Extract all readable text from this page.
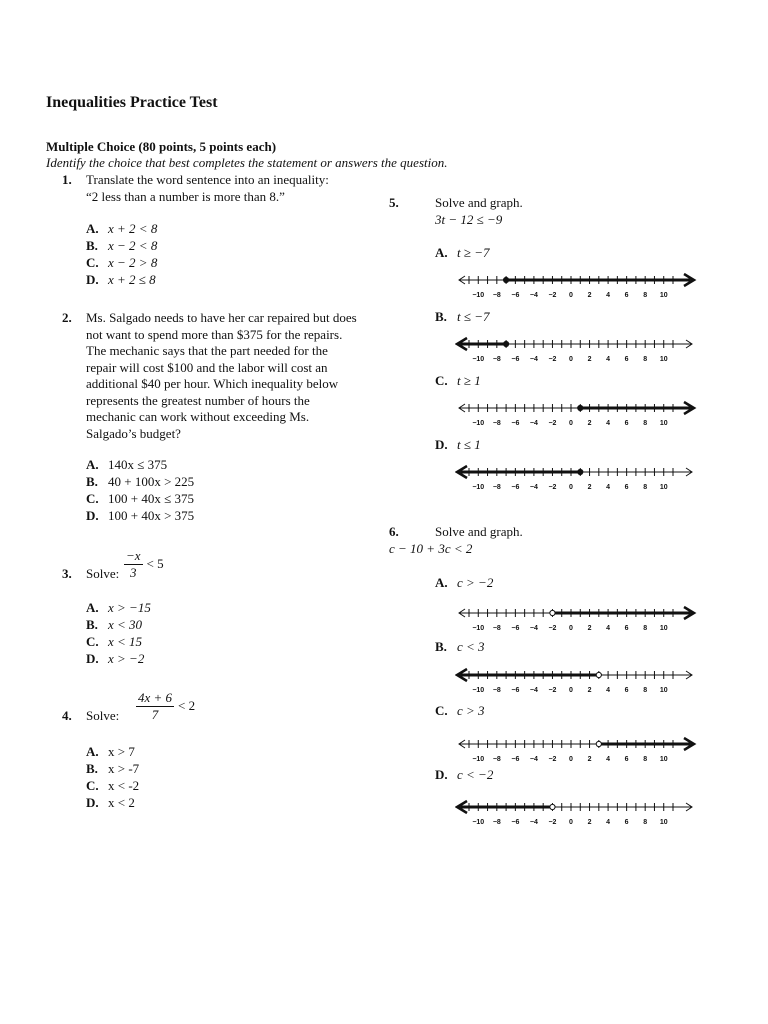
Inequalities Practice Test
Multiple Choice (80 points, 5 points each)
Identify the choice that best completes the statement or answers the question.
1. Translate the word sentence into an inequality:
“2 less than a number is more than 8.”
A. x + 2 < 8
B. x − 2 < 8
C. x − 2 > 8
D. x + 2 ≤ 8
2. Ms. Salgado needs to have her car repaired but does
not want to spend more than $375 for the repairs.
The mechanic says that the part needed for the
repair will cost $100 and the labor will cost an
additional $40 per hour. Which inequality below
represents the greatest number of hours the
mechanic can work without exceeding Ms.
Salgado’s budget?
A. 140x ≤ 375
B. 40 + 100x > 225
C. 100 + 40x ≤ 375
D. 100 + 40x > 375
3. Solve: $\frac{-x}{3} < 5$
A. x > −15
B. x < 30
C. x < 15
D. x > −2
4. Solve: $\frac{4x + 6}{7} < 2$
A. x > 7
B. x > -7
C. x < -2
D. x < 2
5.	Solve and graph.
3t − 12 ≤ −9
A. t ≥ −7
−10 −8 −6 −4 −2 0 2 4 6 8 10
B. t ≤ −7
−10 −8 −6 −4 −2 0 2 4 6 8 10
C. t ≥ 1
−10 −8 −6 −4 −2 0 2 4 6 8 10
D. t ≤ 1
−10 −8 −6 −4 −2 0 2 4 6 8 10
6.	Solve and graph.
c − 10 + 3c < 2
A. c > −2
−10 −8 −6 −4 −2 0 2 4 6 8 10
B. c < 3
−10 −8 −6 −4 −2 0 2 4 6 8 10
C. c > 3
−10 −8 −6 −4 −2 0 2 4 6 8 10
D. c < −2
−10 −8 −6 −4 −2 0 2 4 6 8 10
